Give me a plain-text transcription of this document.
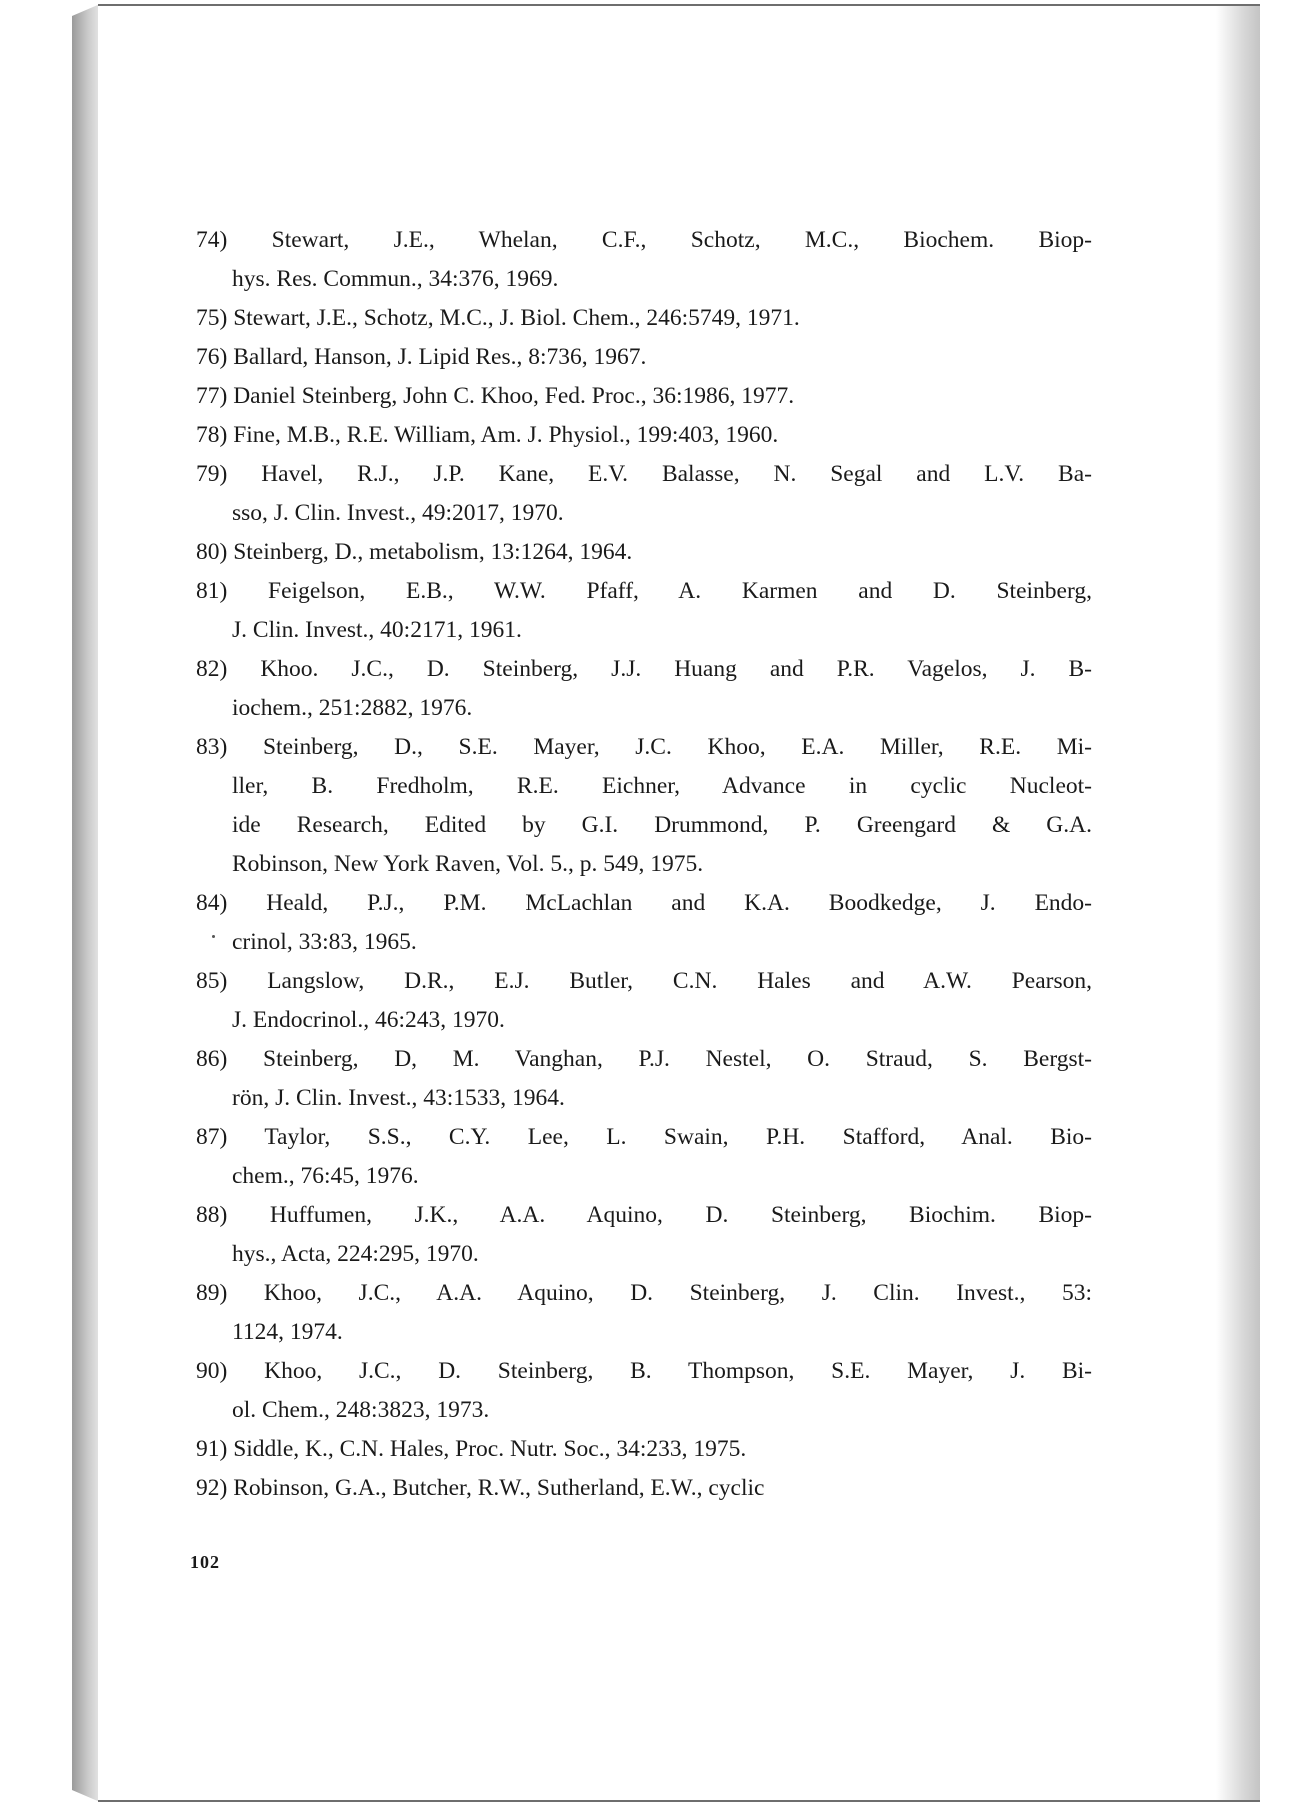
74) Stewart, J.E., Whelan, C.F., Schotz, M.C., Biochem. Biop-
hys. Res. Commun., 34:376, 1969.
75) Stewart, J.E., Schotz, M.C., J. Biol. Chem., 246:5749, 1971.
76) Ballard, Hanson, J. Lipid Res., 8:736, 1967.
77) Daniel Steinberg, John C. Khoo, Fed. Proc., 36:1986, 1977.
78) Fine, M.B., R.E. William, Am. J. Physiol., 199:403, 1960.
79) Havel, R.J., J.P. Kane, E.V. Balasse, N. Segal and L.V. Ba-
sso, J. Clin. Invest., 49:2017, 1970.
80) Steinberg, D., metabolism, 13:1264, 1964.
81) Feigelson, E.B., W.W. Pfaff, A. Karmen and D. Steinberg,
J. Clin. Invest., 40:2171, 1961.
82) Khoo. J.C., D. Steinberg, J.J. Huang and P.R. Vagelos, J. B-
iochem., 251:2882, 1976.
83) Steinberg, D., S.E. Mayer, J.C. Khoo, E.A. Miller, R.E. Mi-
ller, B. Fredholm, R.E. Eichner, Advance in cyclic Nucleot-
ide Research, Edited by G.I. Drummond, P. Greengard & G.A.
Robinson, New York Raven, Vol. 5., p. 549, 1975.
84) Heald, P.J., P.M. McLachlan and K.A. Boodkedge, J. Endo-
crinol, 33:83, 1965.
85) Langslow, D.R., E.J. Butler, C.N. Hales and A.W. Pearson,
J. Endocrinol., 46:243, 1970.
86) Steinberg, D, M. Vanghan, P.J. Nestel, O. Straud, S. Bergst-
rön, J. Clin. Invest., 43:1533, 1964.
87) Taylor, S.S., C.Y. Lee, L. Swain, P.H. Stafford, Anal. Bio-
chem., 76:45, 1976.
88) Huffumen, J.K., A.A. Aquino, D. Steinberg, Biochim. Biop-
hys., Acta, 224:295, 1970.
89) Khoo, J.C., A.A. Aquino, D. Steinberg, J. Clin. Invest., 53:
1124, 1974.
90) Khoo, J.C., D. Steinberg, B. Thompson, S.E. Mayer, J. Bi-
ol. Chem., 248:3823, 1973.
91) Siddle, K., C.N. Hales, Proc. Nutr. Soc., 34:233, 1975.
92) Robinson, G.A., Butcher, R.W., Sutherland, E.W., cyclic
102
